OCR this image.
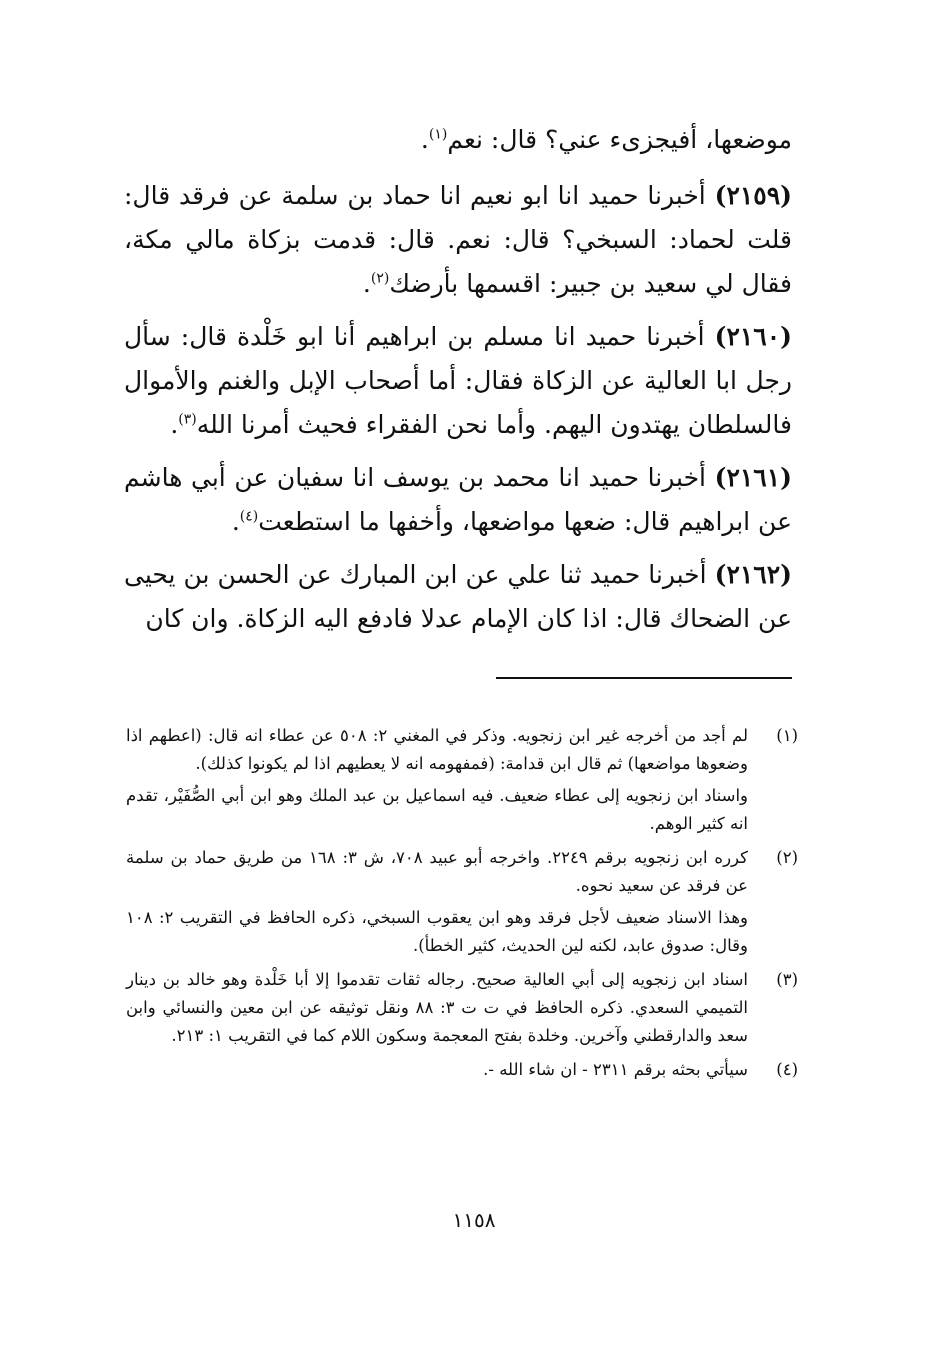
موضعها، أفيجزىء عني؟ قال: نعم$^{(١)}$.

(٢١٥٩) أخبرنا حميد انا ابو نعيم انا حماد بن سلمة عن فرقد قال: قلت لحماد: السبخي؟ قال: نعم. قال: قدمت بزكاة مالي مكة، فقال لي سعيد بن جبير: اقسمها بأرضك$^{(٢)}$.

(٢١٦٠) أخبرنا حميد انا مسلم بن ابراهيم أنا ابو خَلْدة قال: سأل رجل ابا العالية عن الزكاة فقال: أما أصحاب الإبل والغنم والأموال فالسلطان يهتدون اليهم. وأما نحن الفقراء فحيث أمرنا الله$^{(٣)}$.

(٢١٦١) أخبرنا حميد انا محمد بن يوسف انا سفيان عن أبي هاشم عن ابراهيم قال: ضعها مواضعها، وأخفها ما استطعت$^{(٤)}$.

(٢١٦٢) أخبرنا حميد ثنا علي عن ابن المبارك عن الحسن بن يحيى عن الضحاك قال: اذا كان الإمام عدلا فادفع اليه الزكاة. وان كان

(١)

لم أجد من أخرجه غير ابن زنجويه. وذكر في المغني ٢: ٥٠٨ عن عطاء انه قال: (اعطهم اذا وضعوها مواضعها) ثم قال ابن قدامة: (فمفهومه انه لا يعطيهم اذا لم يكونوا كذلك).

واسناد ابن زنجويه إلى عطاء ضعيف. فيه اسماعيل بن عبد الملك وهو ابن أبي الصُّفَيْر، تقدم انه كثير الوهم.

(٢)

كرره ابن زنجويه برقم ٢٢٤٩. واخرجه أبو عبيد ٧٠٨، ش ٣: ١٦٨ من طريق حماد بن سلمة عن فرقد عن سعيد نحوه.

وهذا الاسناد ضعيف لأجل فرقد وهو ابن يعقوب السبخي، ذكره الحافظ في التقريب ٢: ١٠٨ وقال: صدوق عابد، لكنه لين الحديث، كثير الخطأ).

(٣)

اسناد ابن زنجويه إلى أبي العالية صحيح. رجاله ثقات تقدموا إلا أبا خَلْدة وهو خالد بن دينار التميمي السعدي. ذكره الحافظ في ت ت ٣: ٨٨ ونقل توثيقه عن ابن معين والنسائي وابن سعد والدارقطني وآخرين. وخلدة بفتح المعجمة وسكون اللام كما في التقريب ١: ٢١٣.

(٤)

سيأتي بحثه برقم ٢٣١١ - ان شاء الله -.

١١٥٨
